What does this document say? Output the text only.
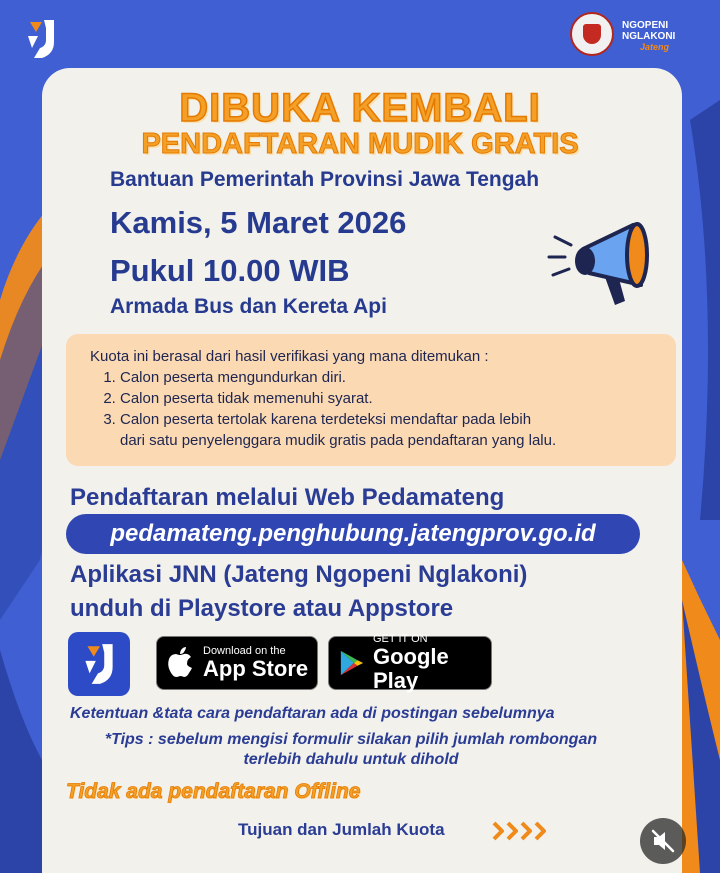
NGOPENI NGLAKONI
Jateng
DIBUKA KEMBALI
PENDAFTARAN MUDIK GRATIS
Bantuan Pemerintah Provinsi Jawa Tengah
Kamis, 5 Maret 2026
Pukul 10.00 WIB
Armada Bus dan Kereta Api
Kuota ini berasal dari hasil verifikasi yang mana ditemukan :
1. Calon peserta mengundurkan diri.
2. Calon peserta tidak memenuhi syarat.
3. Calon peserta tertolak karena terdeteksi mendaftar pada lebih
dari satu penyelenggara mudik gratis pada pendaftaran yang lalu.
Pendaftaran melalui Web Pedamateng
pedamateng.penghubung.jatengprov.go.id
Aplikasi JNN (Jateng Ngopeni Nglakoni)
unduh di Playstore atau Appstore
Download on the
App Store
GET IT ON
Google Play
Ketentuan &tata cara pendaftaran ada di postingan sebelumnya
*Tips : sebelum mengisi formulir silakan pilih jumlah rombongan
terlebih dahulu untuk dihold
Tidak ada pendaftaran Offline
Tujuan dan Jumlah Kuota
